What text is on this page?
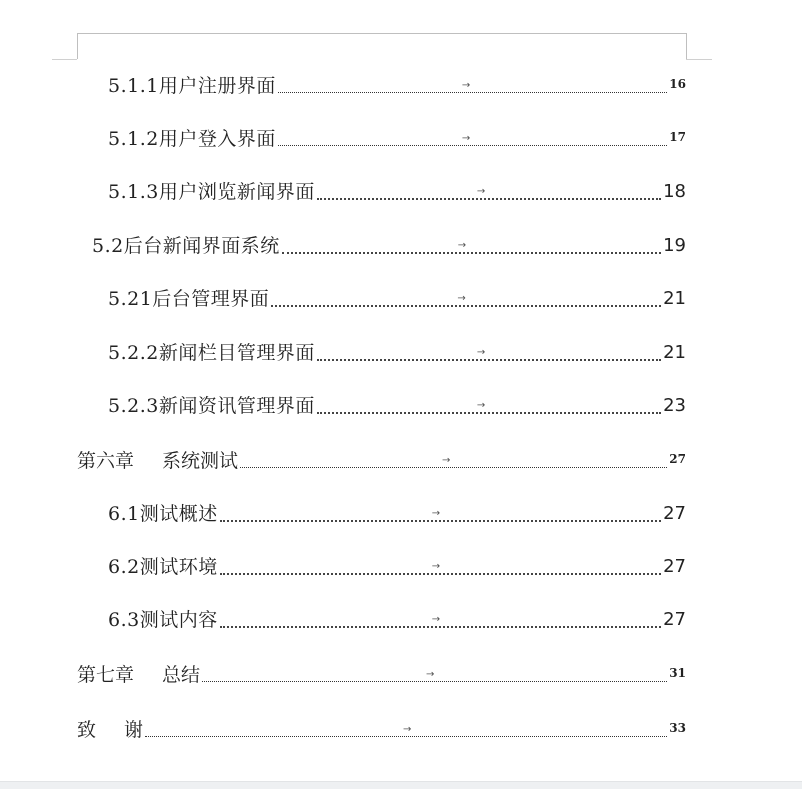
5.1.1用户注册界面	→	16
5.1.2用户登入界面	→	17
5.1.3用户浏览新闻界面	→	18
5.2后台新闻界面系统	→	19
5.21后台管理界面	→	21
5.2.2新闻栏目管理界面	→	21
5.2.3新闻资讯管理界面	→	23
第六章 系统测试	→	27
6.1测试概述	→	27
6.2测试环境	→	27
6.3测试内容	→	27
第七章 总结	→	31
致 谢	→	33
